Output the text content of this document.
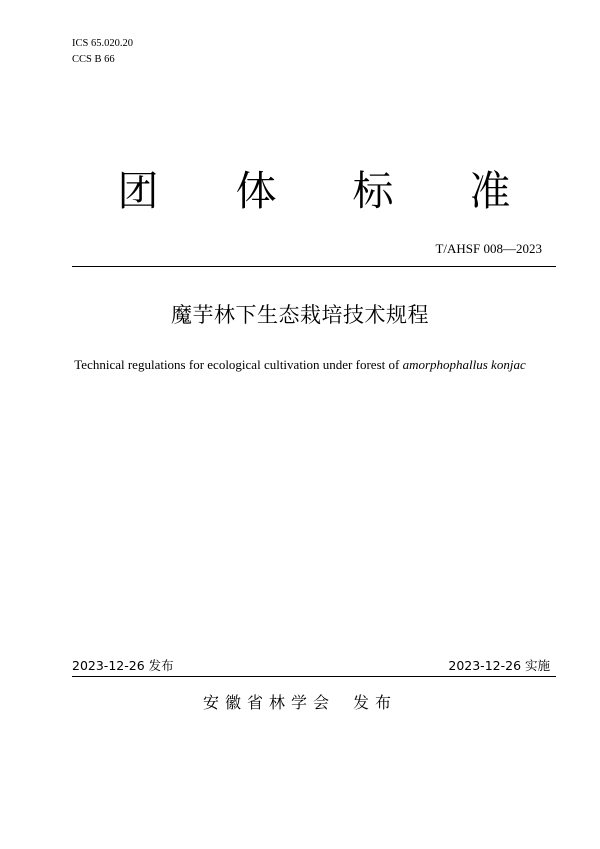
ICS 65.020.20
CCS B 66
团 体 标 准
T/AHSF 008—2023
魔芋林下生态栽培技术规程
Technical regulations for ecological cultivation under forest of amorphophallus konjac
2023-12-26 发布	2023-12-26 实施
安徽省林学会 发布
